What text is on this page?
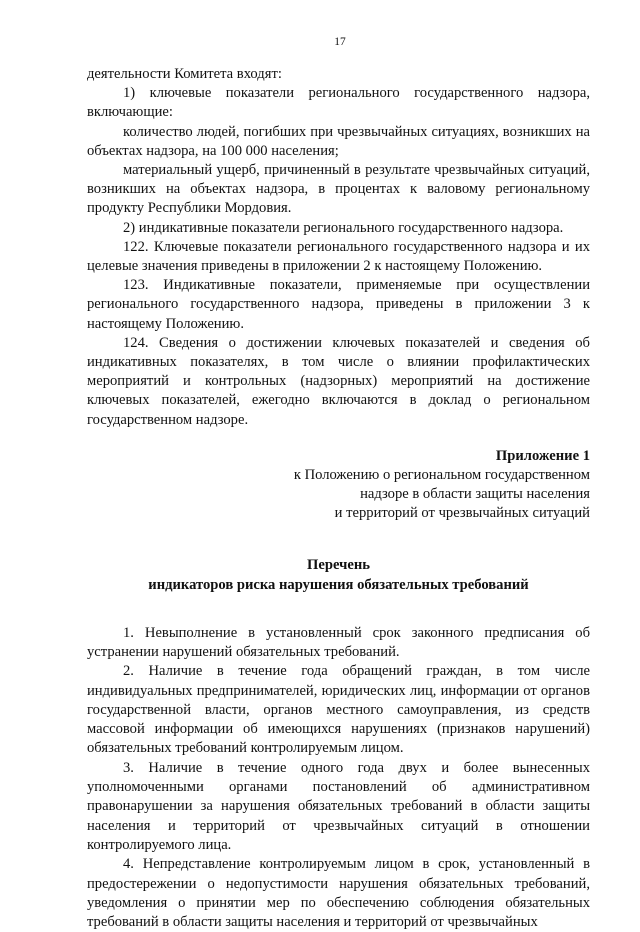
17

деятельности Комитета входят:

1) ключевые показатели регионального государственного надзора, включающие:

количество людей, погибших при чрезвычайных ситуациях, возникших на объектах надзора, на 100 000 населения;

материальный ущерб, причиненный в результате чрезвычайных ситуаций, возникших на объектах надзора, в процентах к валовому региональному продукту Республики Мордовия.

2) индикативные показатели регионального государственного надзора.

122. Ключевые показатели регионального государственного надзора и их целевые значения приведены в приложении 2 к настоящему Положению.

123. Индикативные показатели, применяемые при осуществлении регионального государственного надзора, приведены в приложении 3 к настоящему Положению.

124. Сведения о достижении ключевых показателей и сведения об индикативных показателях, в том числе о влиянии профилактических мероприятий и контрольных (надзорных) мероприятий на достижение ключевых показателей, ежегодно включаются в доклад о региональном государственном надзоре.

Приложение 1
к Положению о региональном государственном
надзоре в области защиты населения
и территорий от чрезвычайных ситуаций
Перечень
индикаторов риска нарушения обязательных требований

1. Невыполнение в установленный срок законного предписания об устранении нарушений обязательных требований.

2. Наличие в течение года обращений граждан, в том числе индивидуальных предпринимателей, юридических лиц, информации от органов государственной власти, органов местного самоуправления, из средств массовой информации об имеющихся нарушениях (признаков нарушений) обязательных требований контролируемым лицом.

3. Наличие в течение одного года двух и более вынесенных уполномоченными органами постановлений об административном правонарушении за нарушения обязательных требований в области защиты населения и территорий от чрезвычайных ситуаций в отношении контролируемого лица.

4. Непредставление контролируемым лицом в срок, установленный в предостережении о недопустимости нарушения обязательных требований, уведомления о принятии мер по обеспечению соблюдения обязательных требований в области защиты населения и территорий от чрезвычайных
